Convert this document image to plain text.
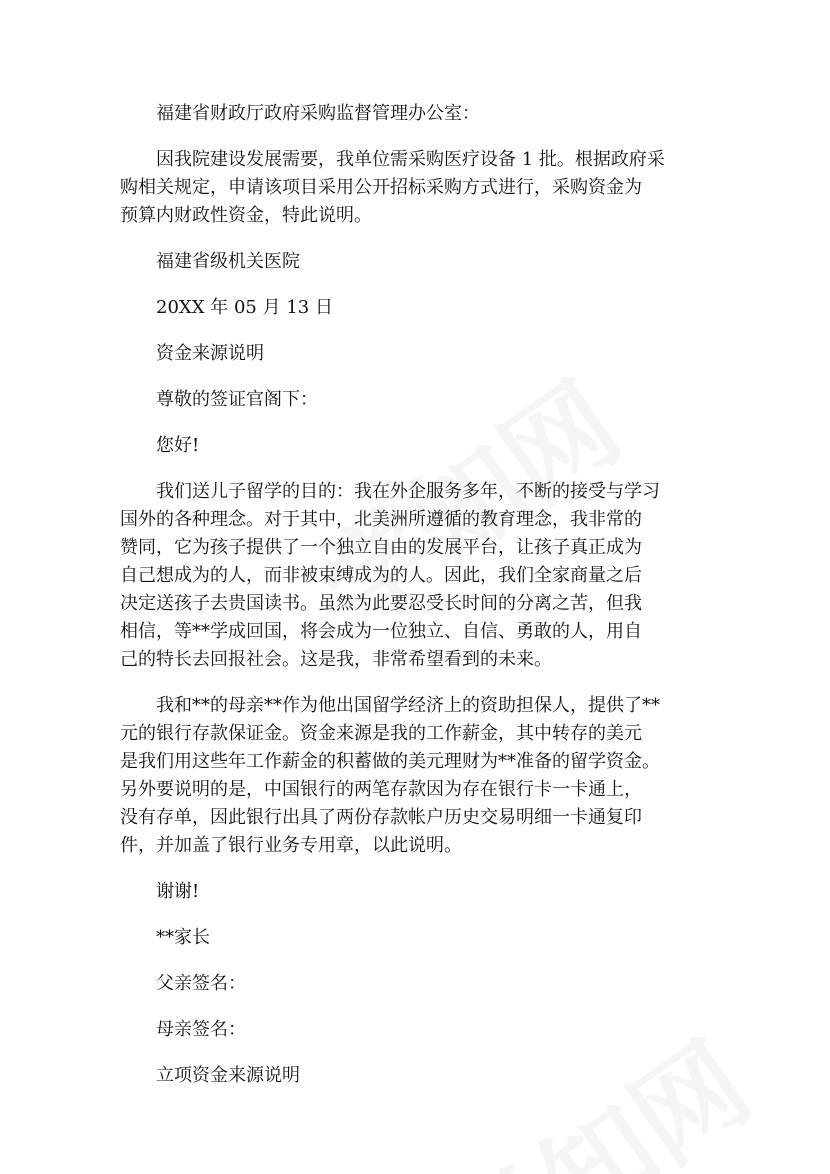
福建省财政厅政府采购监督管理办公室：
因我院建设发展需要，我单位需采购医疗设备 1 批。根据政府采
购相关规定，申请该项目采用公开招标采购方式进行，采购资金为
预算内财政性资金，特此说明。
福建省级机关医院
20XX 年 05 月 13 日
资金来源说明
尊敬的签证官阁下：
您好!
我们送儿子留学的目的：我在外企服务多年，不断的接受与学习
国外的各种理念。对于其中，北美洲所遵循的教育理念，我非常的
赞同，它为孩子提供了一个独立自由的发展平台，让孩子真正成为
自己想成为的人，而非被束缚成为的人。因此，我们全家商量之后
决定送孩子去贵国读书。虽然为此要忍受长时间的分离之苦，但我
相信，等**学成回国，将会成为一位独立、自信、勇敢的人，用自
己的特长去回报社会。这是我，非常希望看到的未来。
我和**的母亲**作为他出国留学经济上的资助担保人，提供了**
元的银行存款保证金。资金来源是我的工作薪金，其中转存的美元
是我们用这些年工作薪金的积蓄做的美元理财为**准备的留学资金。
另外要说明的是，中国银行的两笔存款因为存在银行卡一卡通上，
没有存单，因此银行出具了两份存款帐户历史交易明细一卡通复印
件，并加盖了银行业务专用章，以此说明。
谢谢!
**家长
父亲签名：
母亲签名：
立项资金来源说明
